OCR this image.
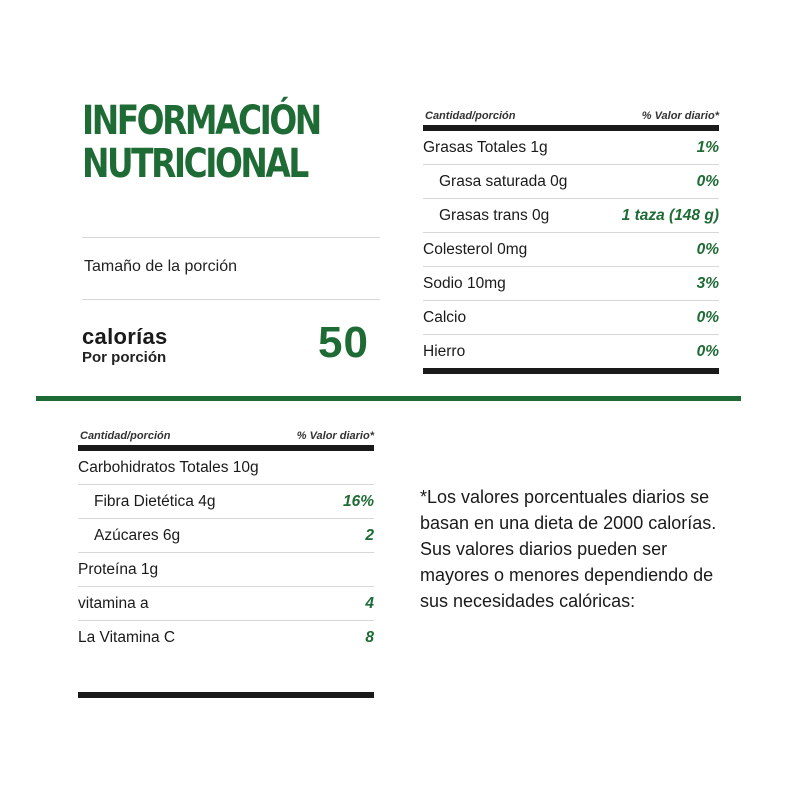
INFORMACIÓN
NUTRICIONAL
Tamaño de la porción
calorías
Por porción	50
Cantidad/porción	% Valor diario*
Grasas Totales 1g	1%
Grasa saturada 0g	0%
Grasas trans 0g	1 taza (148 g)
Colesterol 0mg	0%
Sodio 10mg	3%
Calcio	0%
Hierro	0%
Cantidad/porción	% Valor diario*
Carbohidratos Totales 10g
Fibra Dietética 4g	16%
Azúcares 6g	2
Proteína 1g
vitamina a	4
La Vitamina C	8

*Los valores porcentuales diarios se basan en una dieta de 2000 calorías. Sus valores diarios pueden ser mayores o menores dependiendo de sus necesidades calóricas:
